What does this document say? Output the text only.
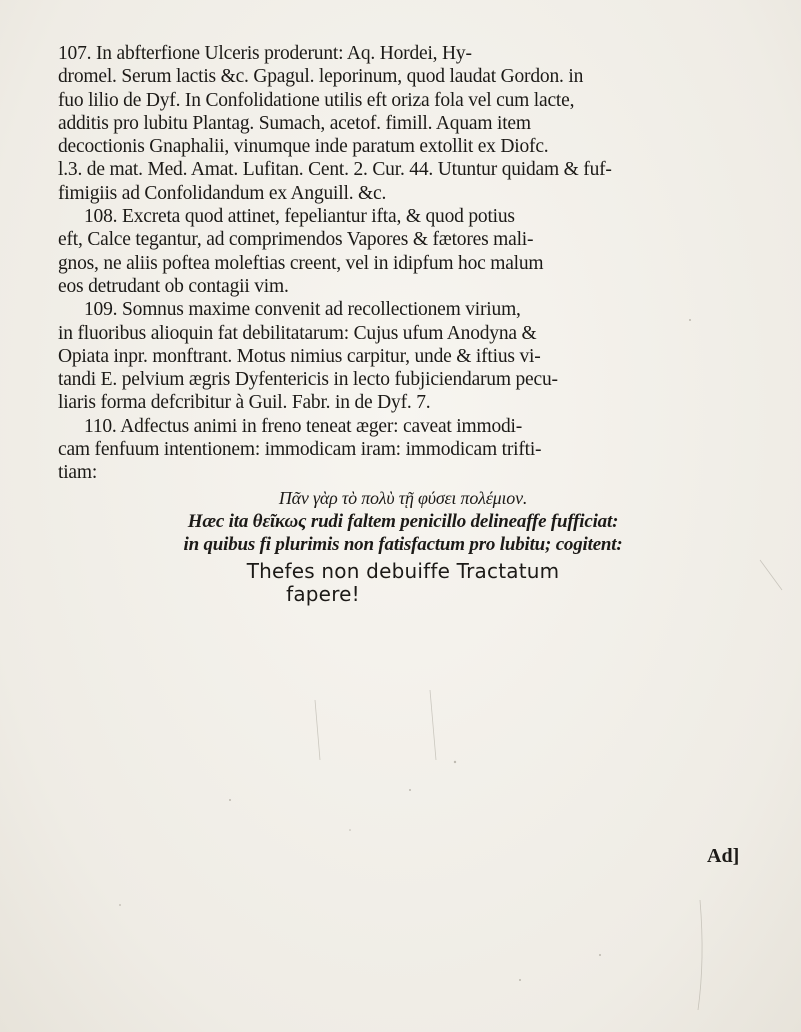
107. In abfterfione Ulceris proderunt: Aq. Hordei, Hy-
dromel. Serum lactis &c. Gpagul. leporinum, quod laudat Gordon. in
fuo lilio de Dyf. In Confolidatione utilis eft oriza fola vel cum lacte,
additis pro lubitu Plantag. Sumach, acetof. fimill. Aquam item
decoctionis Gnaphalii, vinumque inde paratum extollit ex Diofc.
l.3. de mat. Med. Amat. Lufitan. Cent. 2. Cur. 44. Utuntur quidam & fuf-
fimigiis ad Confolidandum ex Anguill. &c.
108. Excreta quod attinet, fepeliantur ifta, & quod potius
eft, Calce tegantur, ad comprimendos Vapores & fætores mali-
gnos, ne aliis poftea moleftias creent, vel in idipfum hoc malum
eos detrudant ob contagii vim.
109. Somnus maxime convenit ad recollectionem virium,
in fluoribus alioquin fat debilitatarum: Cujus ufum Anodyna &
Opiata inpr. monftrant. Motus nimius carpitur, unde & iftius vi-
tandi E. pelvium ægris Dyfentericis in lecto fubjiciendarum pecu-
liaris forma defcribitur à Guil. Fabr. in de Dyf. 7.
110. Adfectus animi in freno teneat æger: caveat immodi-
cam fenfuum intentionem: immodicam iram: immodicam trifti-
tiam:
Πᾶν γὰρ τὸ πολὺ τῇ φύσει πολέμιον.
Hæc ita θεῖκως rudi faltem penicillo delineaffe fufficiat:
in quibus fi plurimis non fatisfactum pro lubitu; cogitent:
Thefes non debuiffe Tractatum
fapere!
Ad]
